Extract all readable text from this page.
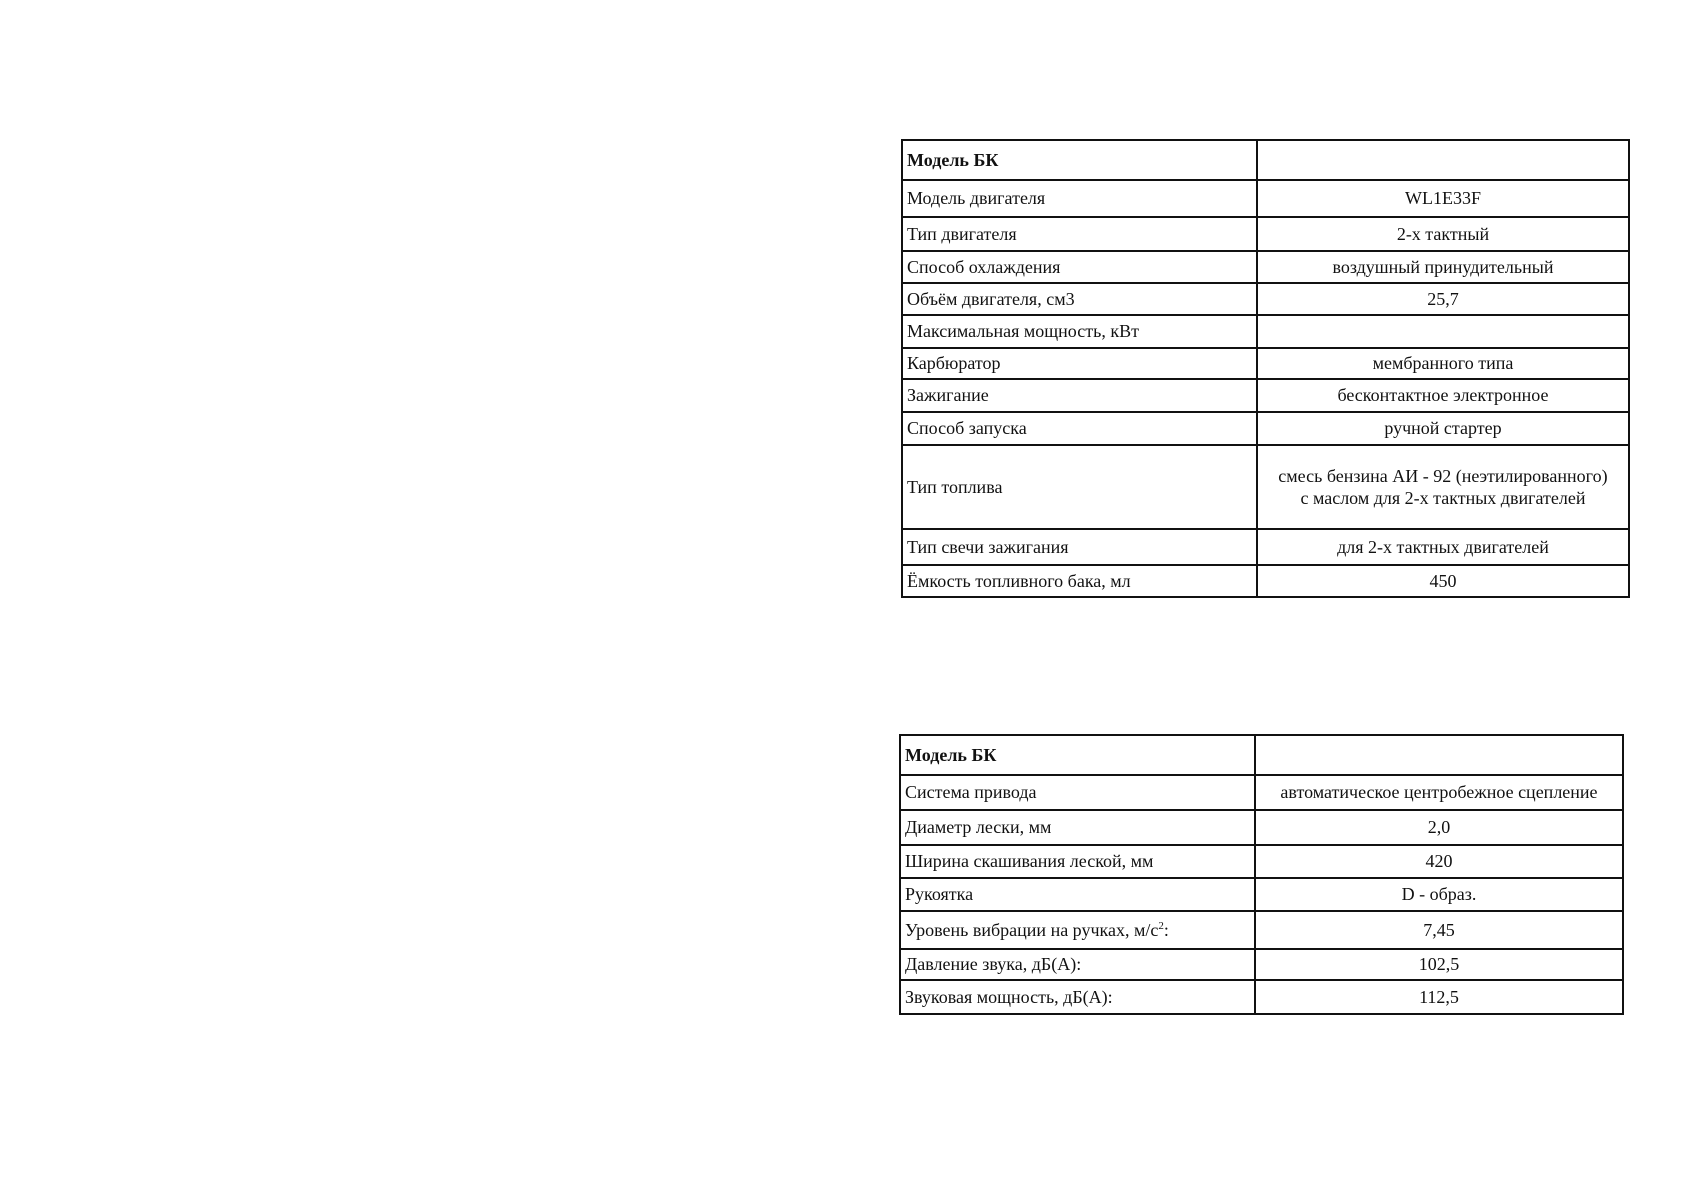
Модель БК	
Модель двигателя	WL1E33F
Тип двигателя	2-х тактный
Способ охлаждения	воздушный принудительный
Объём двигателя, см3	25,7
Максимальная мощность, кВт	
Карбюратор	мембранного типа
Зажигание	бесконтактное электронное
Способ запуска	ручной стартер
Тип топлива	смесь бензина АИ - 92 (неэтилированного)
с маслом для 2-х тактных двигателей

Тип свечи зажигания	для 2-х тактных двигателей
Ёмкость топливного бака, мл	450
Модель БК	
Система привода	автоматическое центробежное сцепление
Диаметр лески, мм	2,0
Ширина скашивания леской, мм	420
Рукоятка	D - образ.
Уровень вибрации на ручках, $м/с^2$:	7,45
Давление звука, дБ(А):	102,5
Звуковая мощность, дБ(А):	112,5
